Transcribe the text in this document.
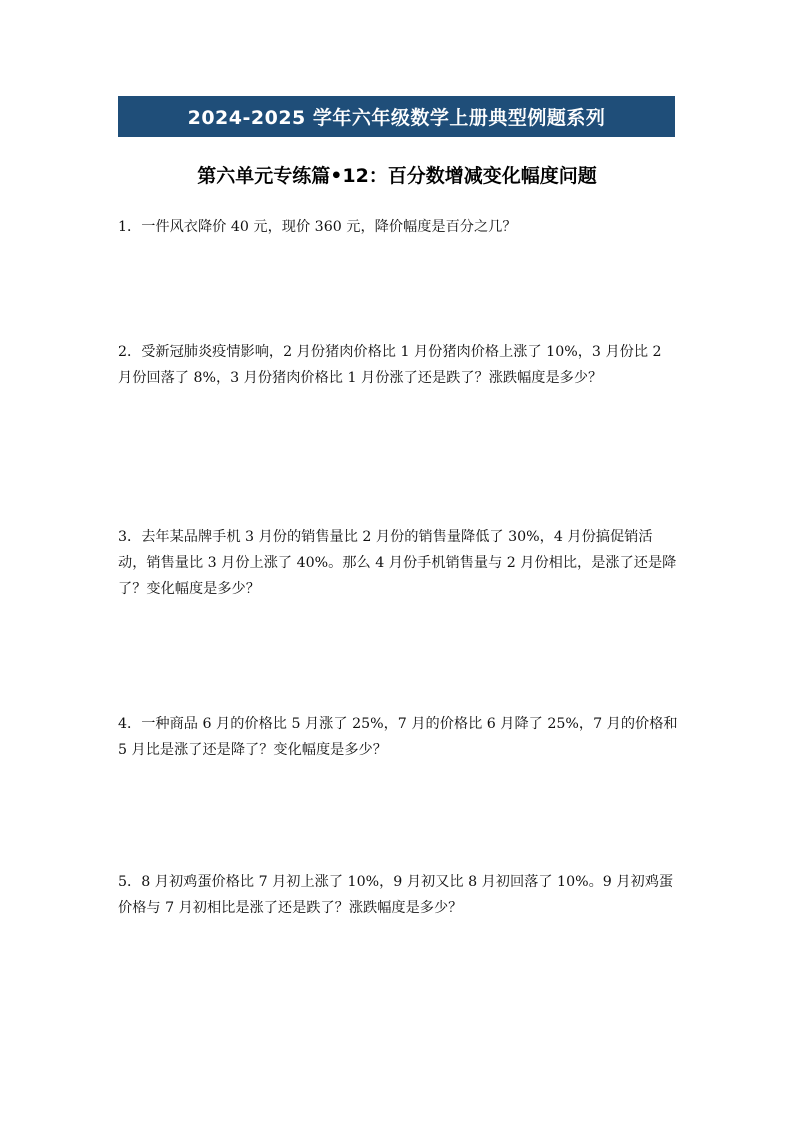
2024-2025 学年六年级数学上册典型例题系列
第六单元专练篇•12：百分数增减变化幅度问题
1．一件风衣降价 40 元，现价 360 元，降价幅度是百分之几？
2．受新冠肺炎疫情影响，2 月份猪肉价格比 1 月份猪肉价格上涨了 10%，3 月份比 2 月份回落了 8%，3 月份猪肉价格比 1 月份涨了还是跌了？涨跌幅度是多少？
3．去年某品牌手机 3 月份的销售量比 2 月份的销售量降低了 30%，4 月份搞促销活动，销售量比 3 月份上涨了 40%。那么 4 月份手机销售量与 2 月份相比，是涨了还是降了？变化幅度是多少？
4．一种商品 6 月的价格比 5 月涨了 25%，7 月的价格比 6 月降了 25%，7 月的价格和 5 月比是涨了还是降了？变化幅度是多少？
5．8 月初鸡蛋价格比 7 月初上涨了 10%，9 月初又比 8 月初回落了 10%。9 月初鸡蛋价格与 7 月初相比是涨了还是跌了？涨跌幅度是多少？
